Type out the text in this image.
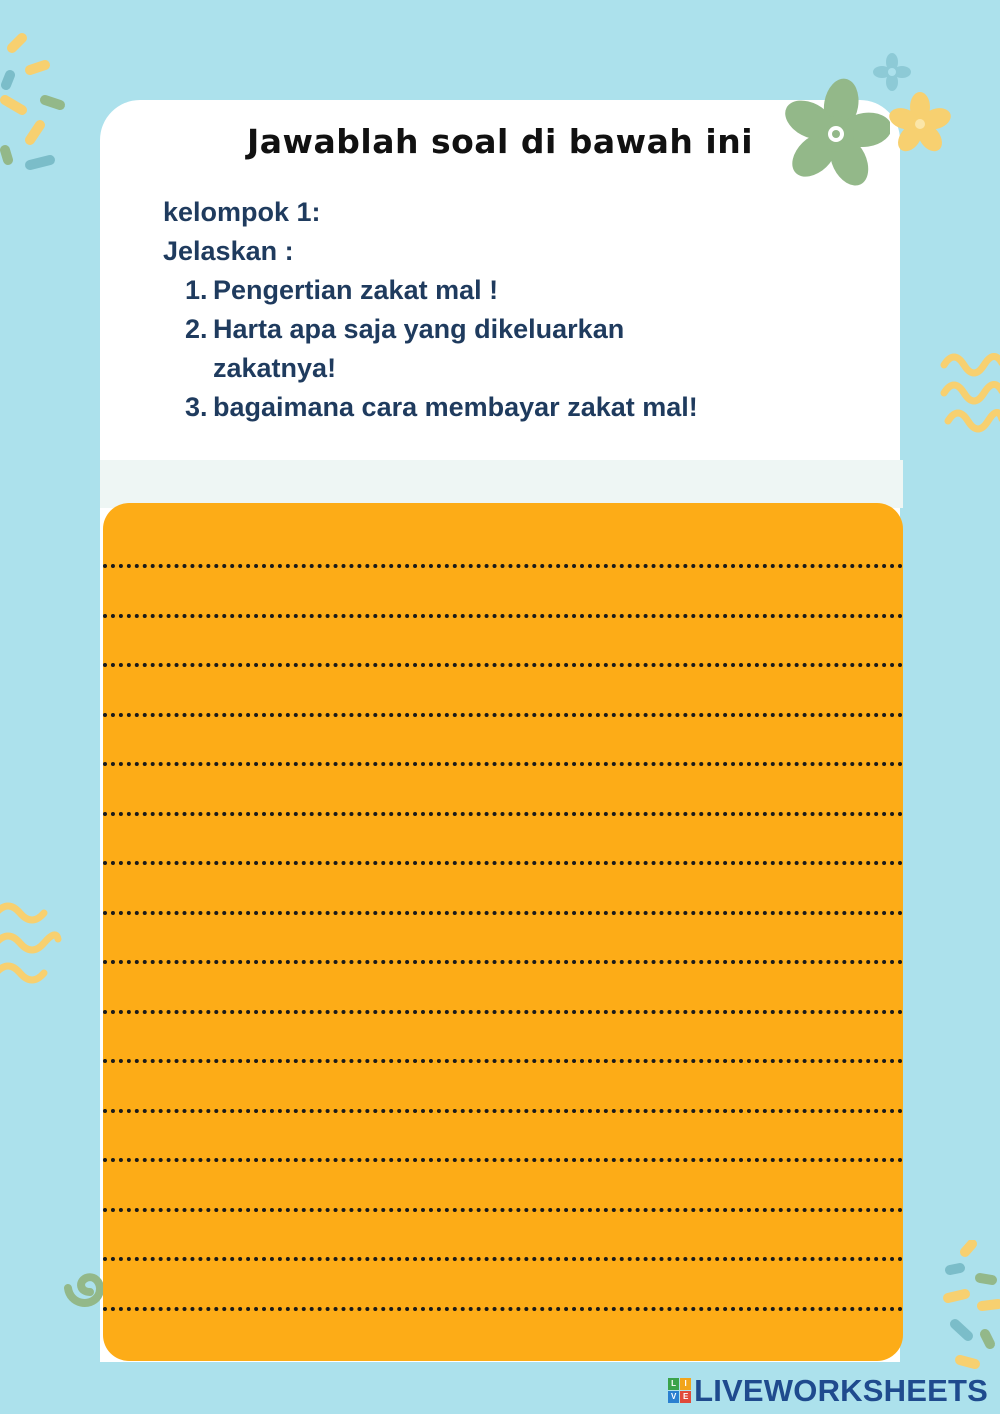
Jawablah soal di bawah ini
kelompok 1:
Jelaskan :
1. Pengertian zakat mal !
2. Harta apa saja yang dikeluarkan
zakatnya!
3. bagaimana cara membayar zakat mal!
L	I
V E LIVEWORKSHEETS
